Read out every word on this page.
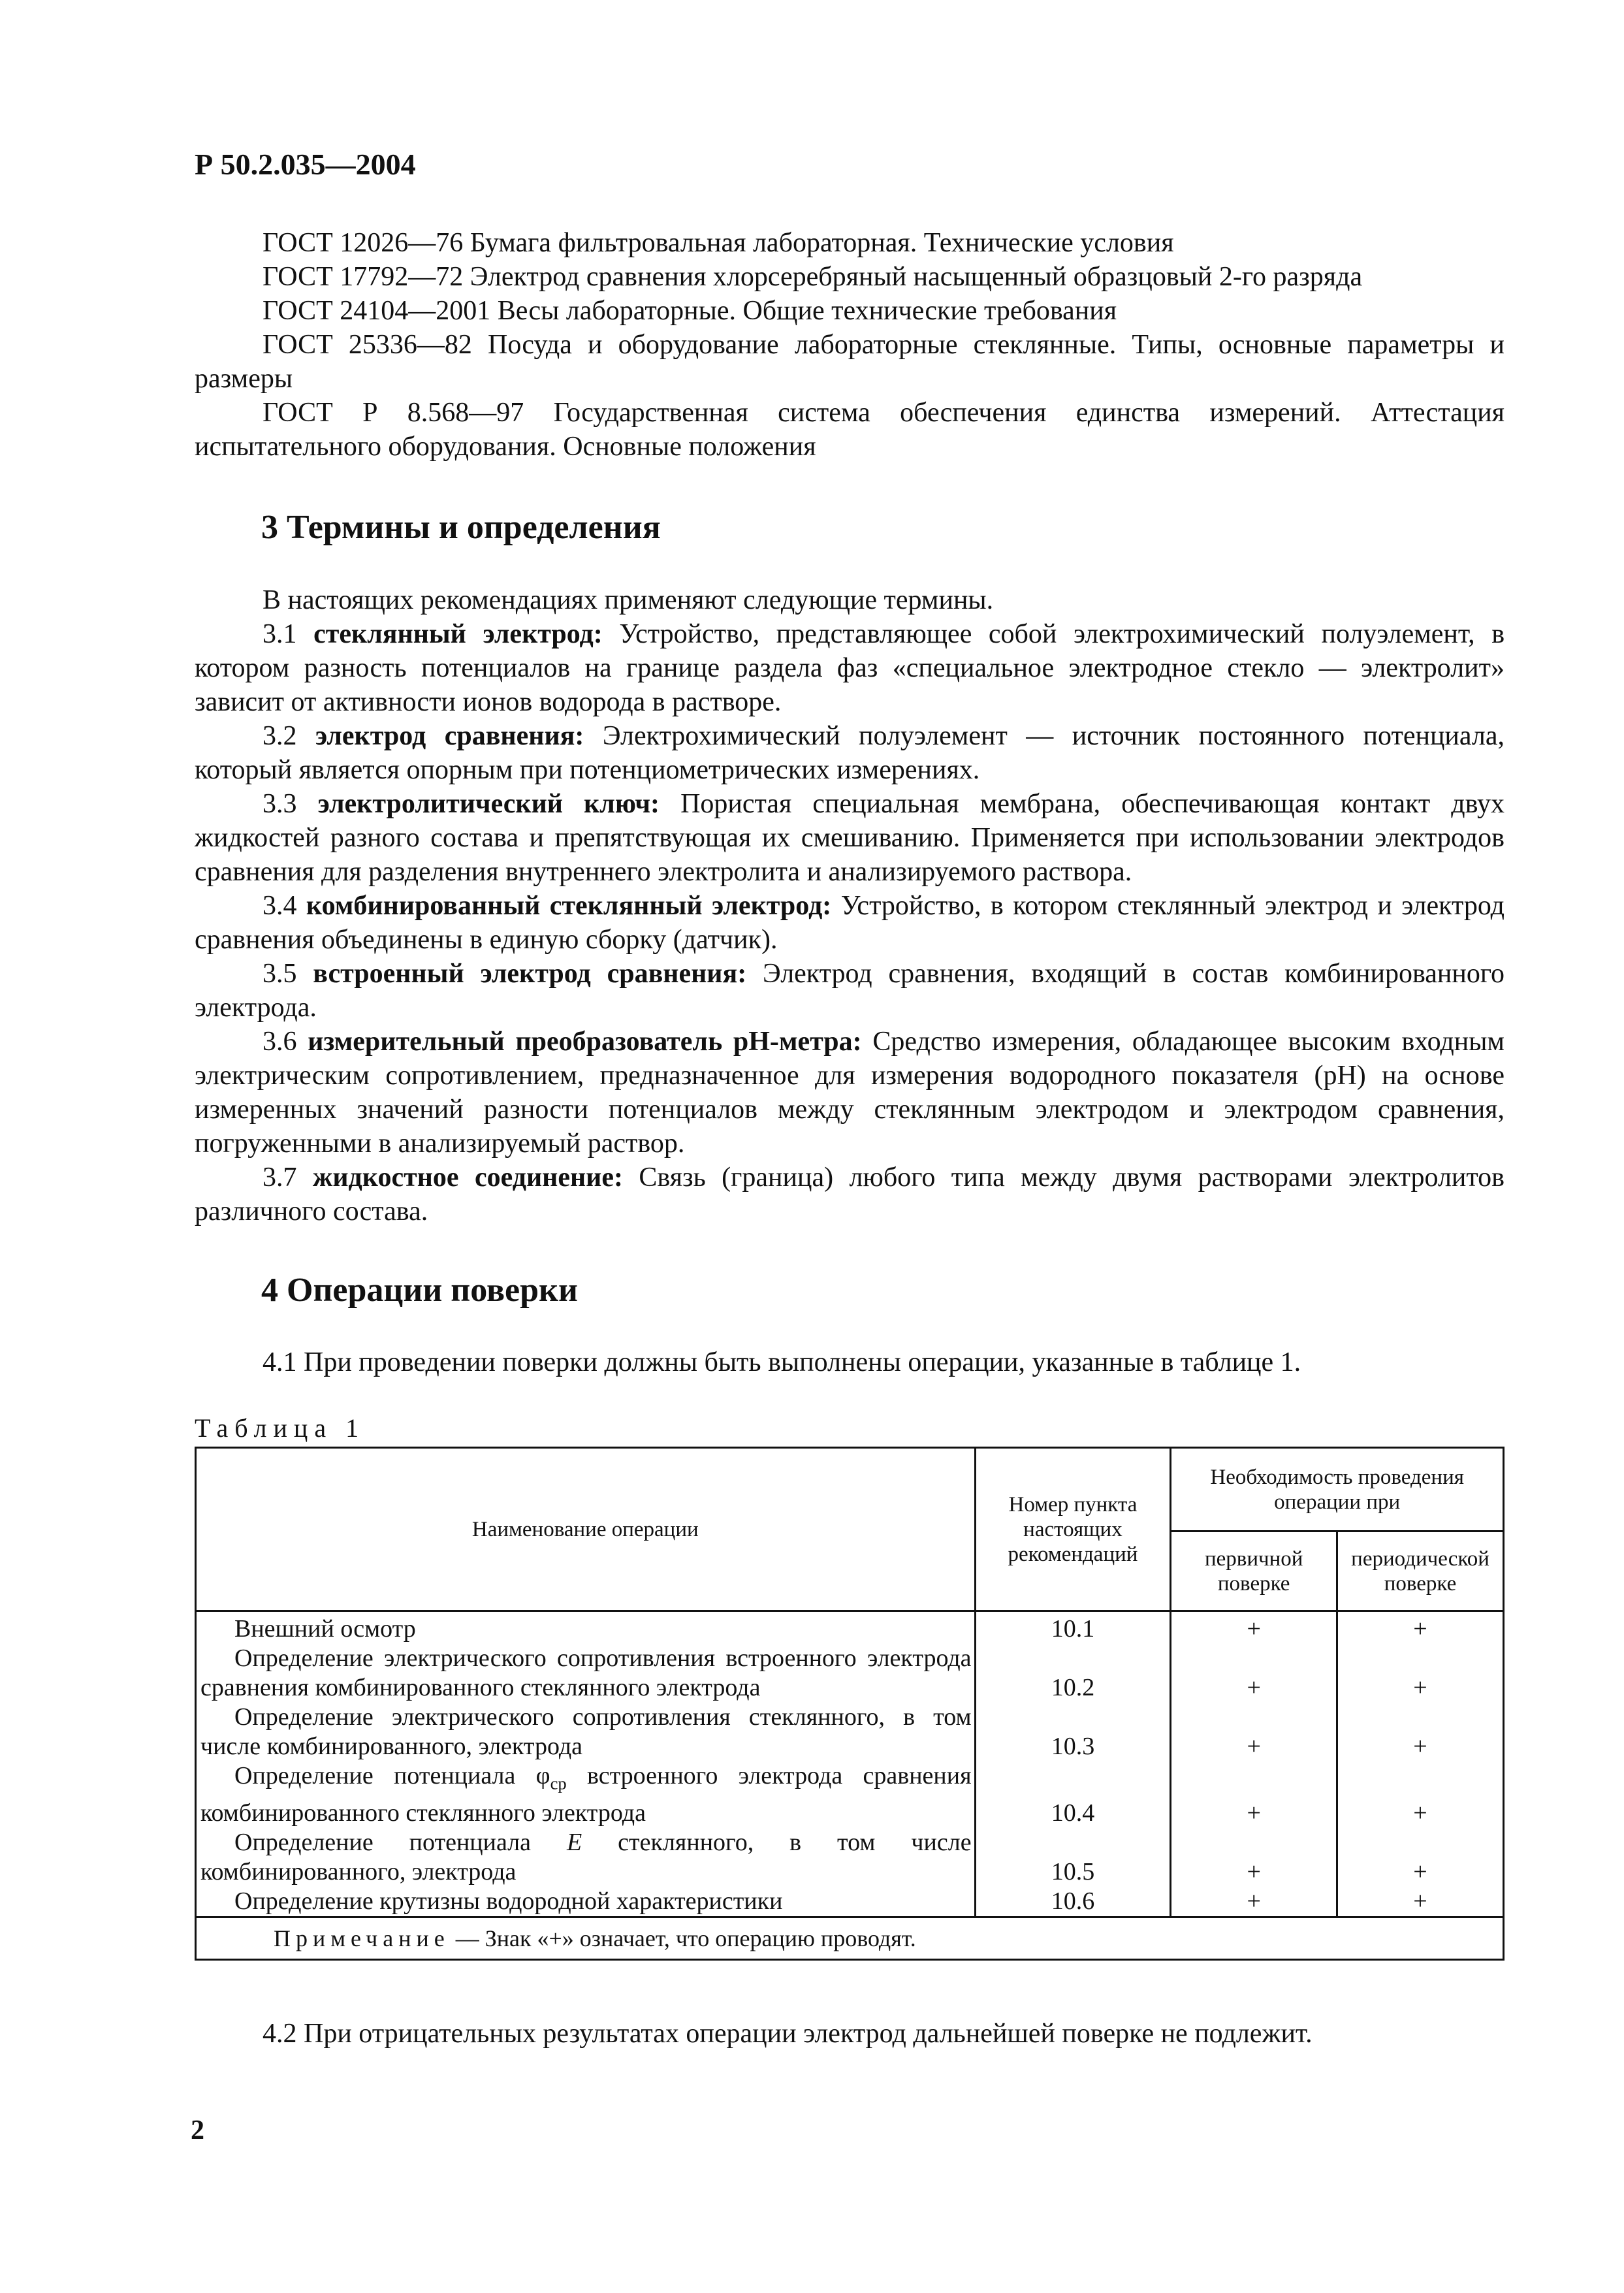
Р 50.2.035—2004

ГОСТ 12026—76 Бумага фильтровальная лабораторная. Технические условия

ГОСТ 17792—72 Электрод сравнения хлорсеребряный насыщенный образцовый 2-го разряда

ГОСТ 24104—2001 Весы лабораторные. Общие технические требования

ГОСТ 25336—82 Посуда и оборудование лабораторные стеклянные. Типы, основные параметры и размеры

ГОСТ Р 8.568—97 Государственная система обеспечения единства измерений. Аттестация испытательного оборудования. Основные положения

3 Термины и определения

В настоящих рекомендациях применяют следующие термины.

3.1 стеклянный электрод: Устройство, представляющее собой электрохимический полуэлемент, в котором разность потенциалов на границе раздела фаз «специальное электродное стекло — электролит» зависит от активности ионов водорода в растворе.

3.2 электрод сравнения: Электрохимический полуэлемент — источник постоянного потенциала, который является опорным при потенциометрических измерениях.

3.3 электролитический ключ: Пористая специальная мембрана, обеспечивающая контакт двух жидкостей разного состава и препятствующая их смешиванию. Применяется при использовании электродов сравнения для разделения внутреннего электролита и анализируемого раствора.

3.4 комбинированный стеклянный электрод: Устройство, в котором стеклянный электрод и электрод сравнения объединены в единую сборку (датчик).

3.5 встроенный электрод сравнения: Электрод сравнения, входящий в состав комбинированного электрода.

3.6 измерительный преобразователь рН-метра: Средство измерения, обладающее высоким входным электрическим сопротивлением, предназначенное для измерения водородного показателя (рН) на основе измеренных значений разности потенциалов между стеклянным электродом и электродом сравнения, погруженными в анализируемый раствор.

3.7 жидкостное соединение: Связь (граница) любого типа между двумя растворами электролитов различного состава.

4 Операции поверки

4.1 При проведении поверки должны быть выполнены операции, указанные в таблице 1.

Таблица 1

Наименование операции	Номер пункта настоящих рекомендаций	Необходимость проведения операции при	
		первичной поверке	периодической поверке

Внешний осмотр	10.1	+	+

Определение электрического сопротивления встроенного электрода сравнения комбинированного стеклянного электрода	10.2	+	+

Определение электрического сопротивления стеклянного, в том числе комбинированного, электрода	10.3	+	+

Определение потенциала $\varphi_{ср}$ встроенного электрода сравнения комбинированного стеклянного электрода	10.4	+	+

Определение потенциала E стеклянного, в том числе комбинированного, электрода	10.5	+	+

Определение крутизны водородной характеристики	10.6	+	+
Примечание — Знак «+» означает, что операцию проводят.			

4.2 При отрицательных результатах операции электрод дальнейшей поверке не подлежит.

2
